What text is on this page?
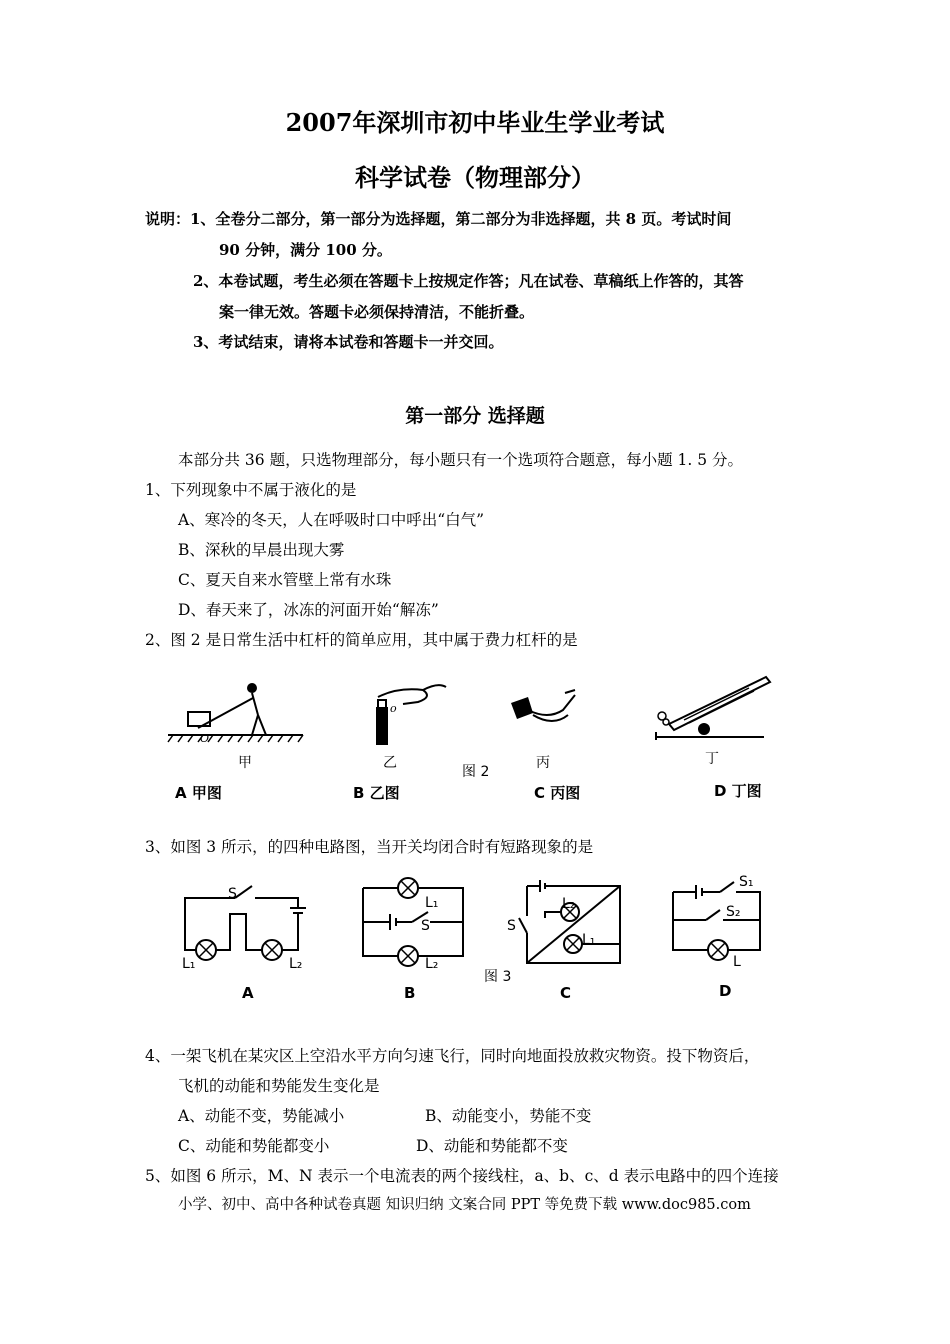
2007年深圳市初中毕业生学业考试
科学试卷（物理部分）
说明：1、全卷分二部分，第一部分为选择题，第二部分为非选择题，共 8 页。考试时间
90 分钟，满分 100 分。
2、本卷试题，考生必须在答题卡上按规定作答；凡在试卷、草稿纸上作答的，其答
案一律无效。答题卡必须保持清洁，不能折叠。
3、考试结束，请将本试卷和答题卡一并交回。
第一部分 选择题
本部分共 36 题，只选物理部分，每小题只有一个选项符合题意，每小题 1. 5 分。
1、下列现象中不属于液化的是
A、寒冷的冬天，人在呼吸时口中呼出“白气”
B、深秋的早晨出现大雾
C、夏天自来水管壁上常有水珠
D、春天来了，冰冻的河面开始“解冻”
2、图 2 是日常生活中杠杆的简单应用，其中属于费力杠杆的是
O
o
甲	乙
图 2
丙	丁
A 甲图	B 乙图	C 丙图	D 丁图
3、如图 3 所示，的四种电路图，当开关均闭合时有短路现象的是
S
L₁	L₂
L₁
S
L₂
S
L₂
L₁
S₁
S₂
L
A	B
图 3
C	D
4、一架飞机在某灾区上空沿水平方向匀速飞行，同时向地面投放救灾物资。投下物资后，
飞机的动能和势能发生变化是
A、动能不变，势能减小	B、动能变小，势能不变
C、动能和势能都变小	D、动能和势能都不变
5、如图 6 所示，M、N 表示一个电流表的两个接线柱，a、b、c、d 表示电路中的四个连接
小学、初中、高中各种试卷真题 知识归纳 文案合同 PPT 等免费下载 www.doc985.com
